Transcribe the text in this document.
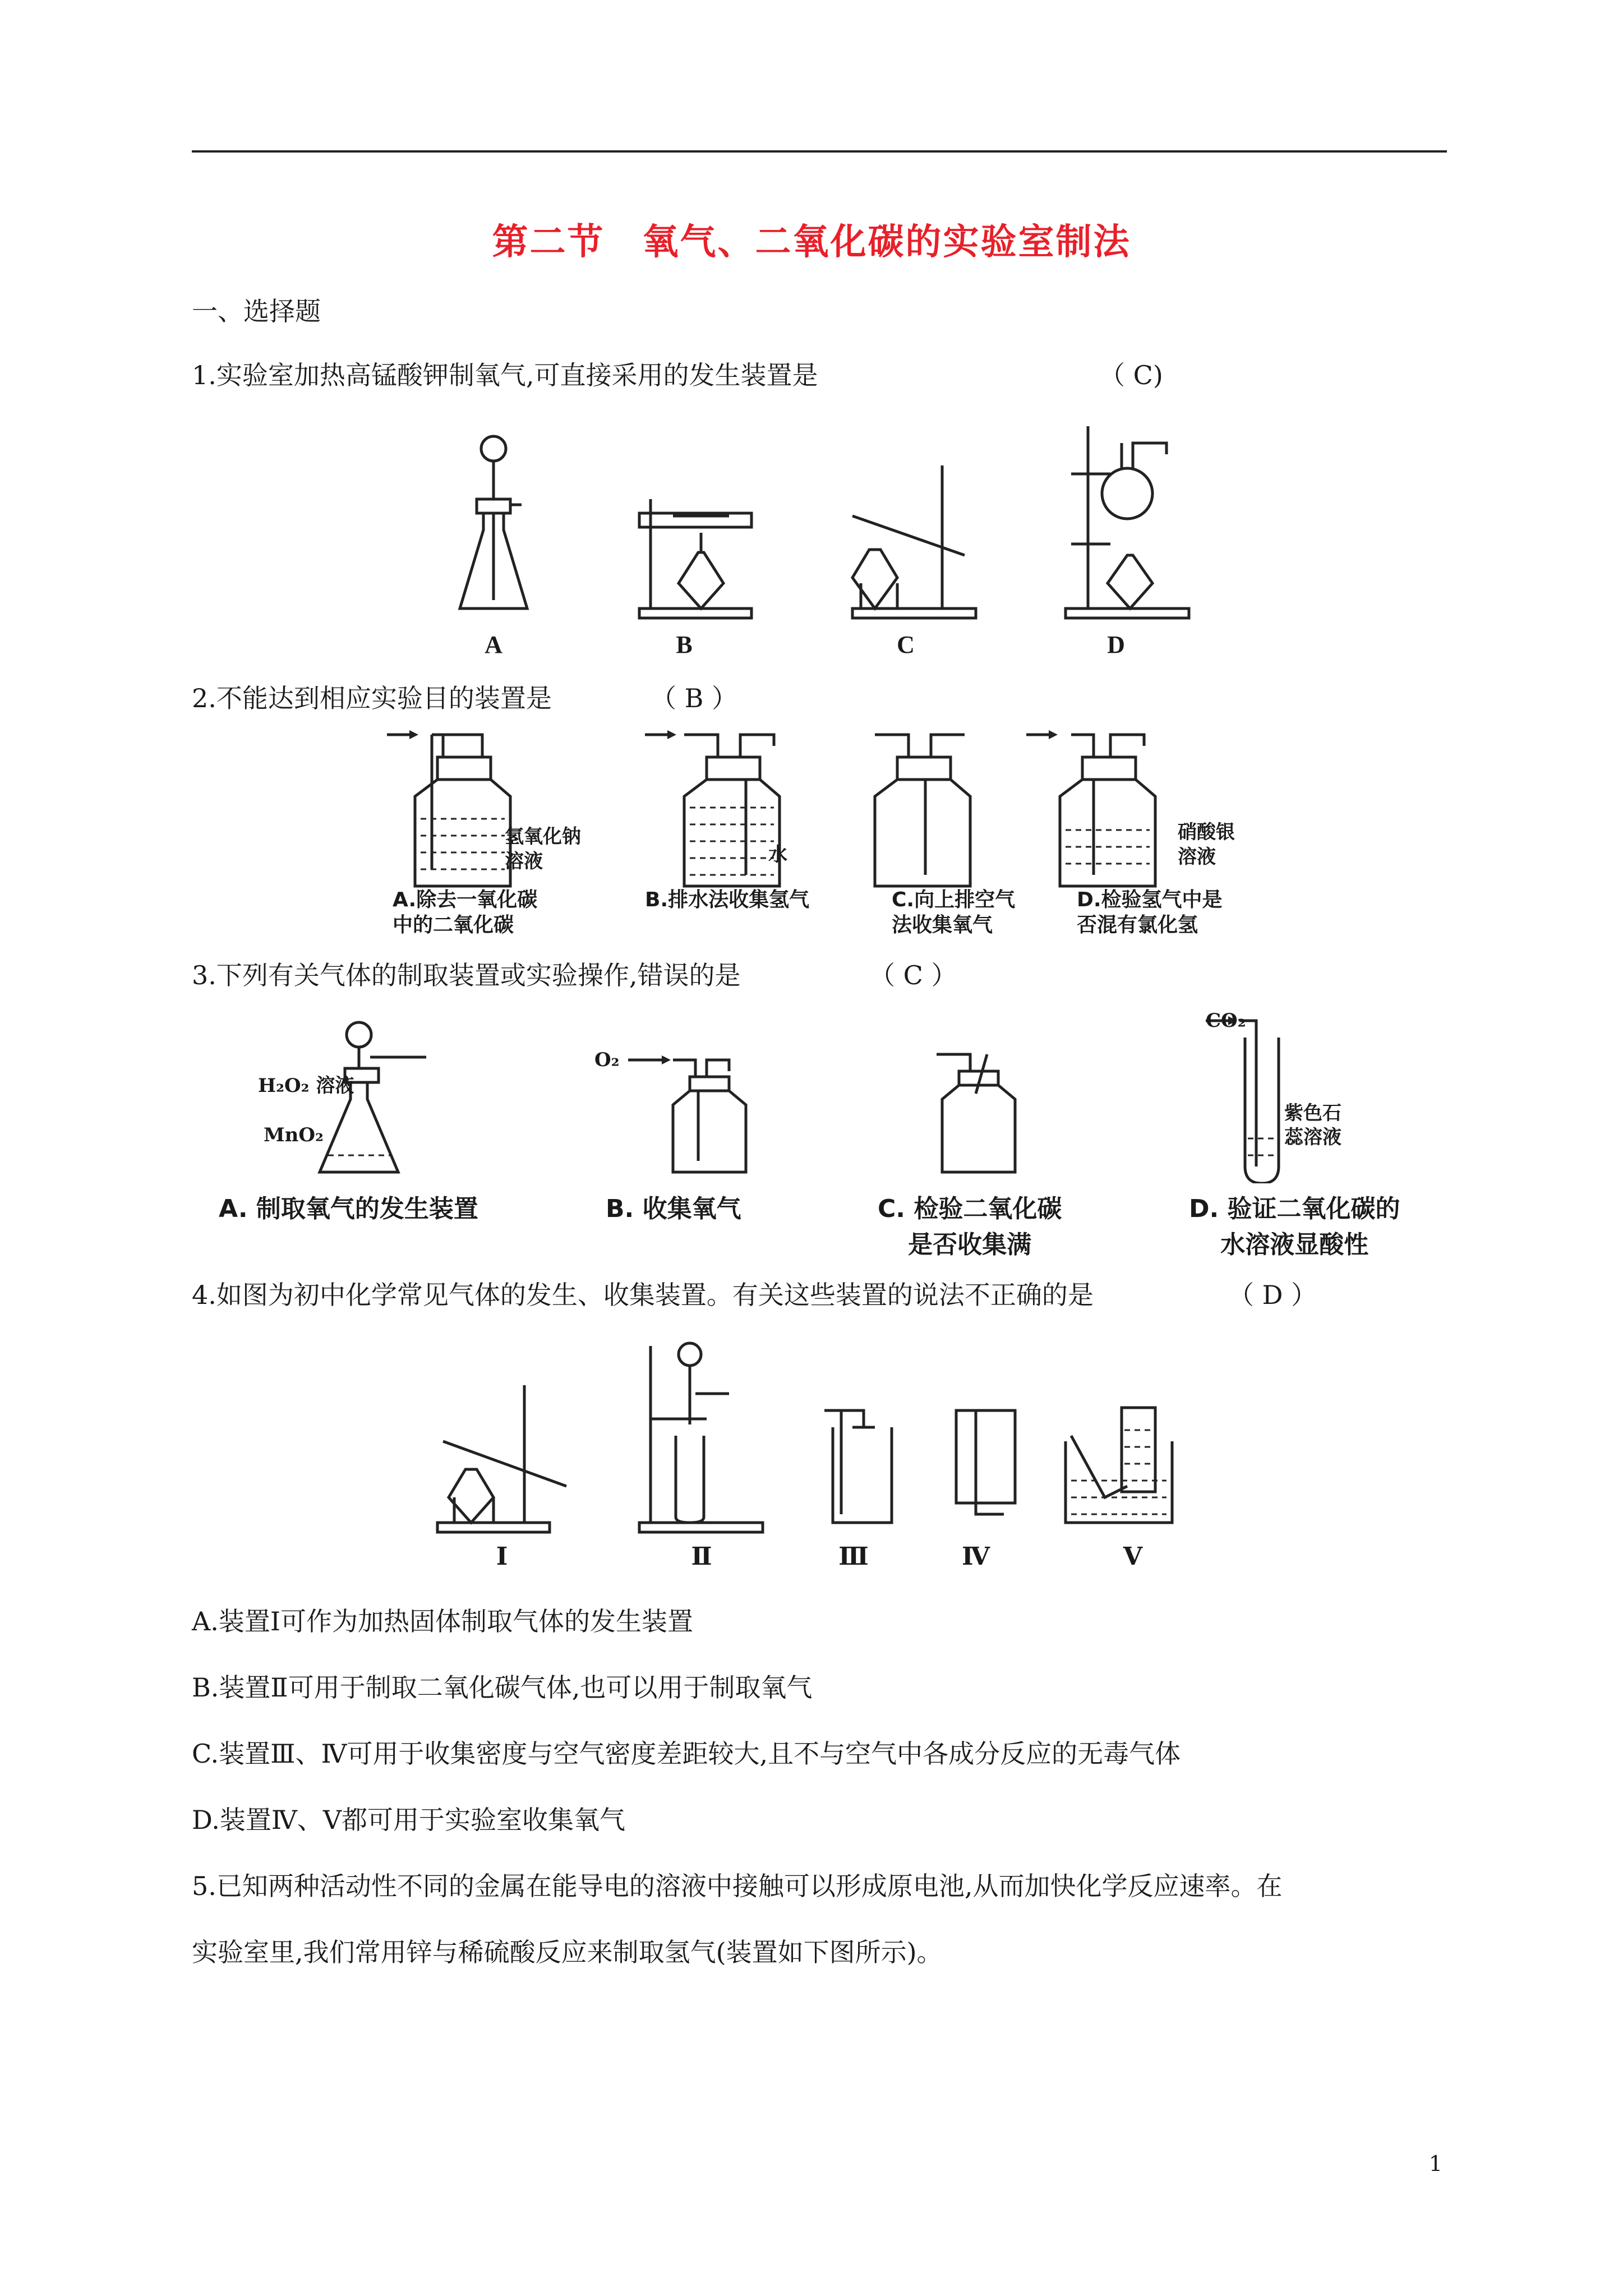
第二节　氧气、二氧化碳的实验室制法
一、选择题
1.实验室加热高锰酸钾制氧气,可直接采用的发生装置是	（ C)
A	B	C	D
2.不能达到相应实验目的装置是	（ B ）
氢氧化钠
溶液	水
硝酸银
溶液
A.除去一氧化碳
中的二氧化碳
B.排水法收集氢气	C.向上排空气
法收集氧气
D.检验氢气中是
否混有氯化氢
3.下列有关气体的制取装置或实验操作,错误的是	（ C ）
H₂O₂ 溶液
MnO₂
O₂
CO₂
紫色石
蕊溶液
A. 制取氧气的发生装置	B. 收集氧气	C. 检验二氧化碳
是否收集满
D. 验证二氧化碳的
水溶液显酸性
4.如图为初中化学常见气体的发生、收集装置。有关这些装置的说法不正确的是	（ D ）
Ⅰ	Ⅱ	Ⅲ	Ⅳ	Ⅴ
A.装置Ⅰ可作为加热固体制取气体的发生装置
B.装置Ⅱ可用于制取二氧化碳气体,也可以用于制取氧气
C.装置Ⅲ、Ⅳ可用于收集密度与空气密度差距较大,且不与空气中各成分反应的无毒气体
D.装置Ⅳ、Ⅴ都可用于实验室收集氧气
5.已知两种活动性不同的金属在能导电的溶液中接触可以形成原电池,从而加快化学反应速率。在
实验室里,我们常用锌与稀硫酸反应来制取氢气(装置如下图所示)。
1
